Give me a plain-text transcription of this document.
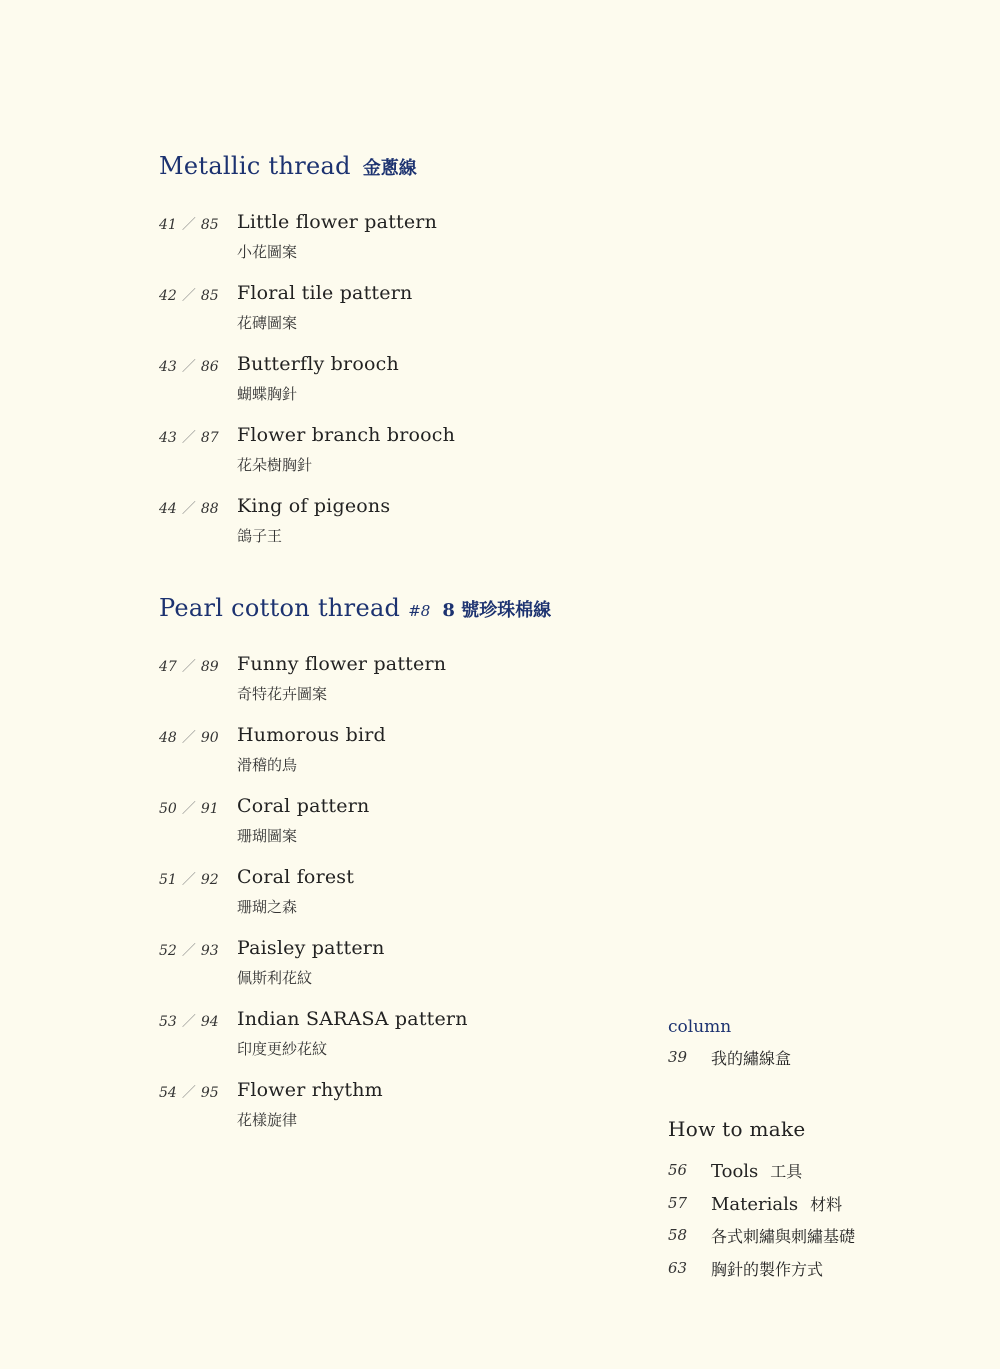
Metallic thread 金蔥線
41 ／ 85 Little flower pattern
小花圖案
42 ／ 85 Floral tile pattern
花磚圖案
43 ／ 86 Butterfly brooch
蝴蝶胸針
43 ／ 87 Flower branch brooch
花朵樹胸針
44 ／ 88 King of pigeons
鴿子王
Pearl cotton thread #8 8 號珍珠棉線
47 ／ 89 Funny flower pattern
奇特花卉圖案
48 ／ 90 Humorous bird
滑稽的鳥
50 ／ 91 Coral pattern
珊瑚圖案
51 ／ 92 Coral forest
珊瑚之森
52 ／ 93 Paisley pattern
佩斯利花紋
53 ／ 94 Indian SARASA pattern
印度更紗花紋
54 ／ 95 Flower rhythm
花樣旋律
column
39	我的繡線盒
How to make
56	Tools 工具
57	Materials 材料
58	各式刺繡與刺繡基礎
63	胸針的製作方式
